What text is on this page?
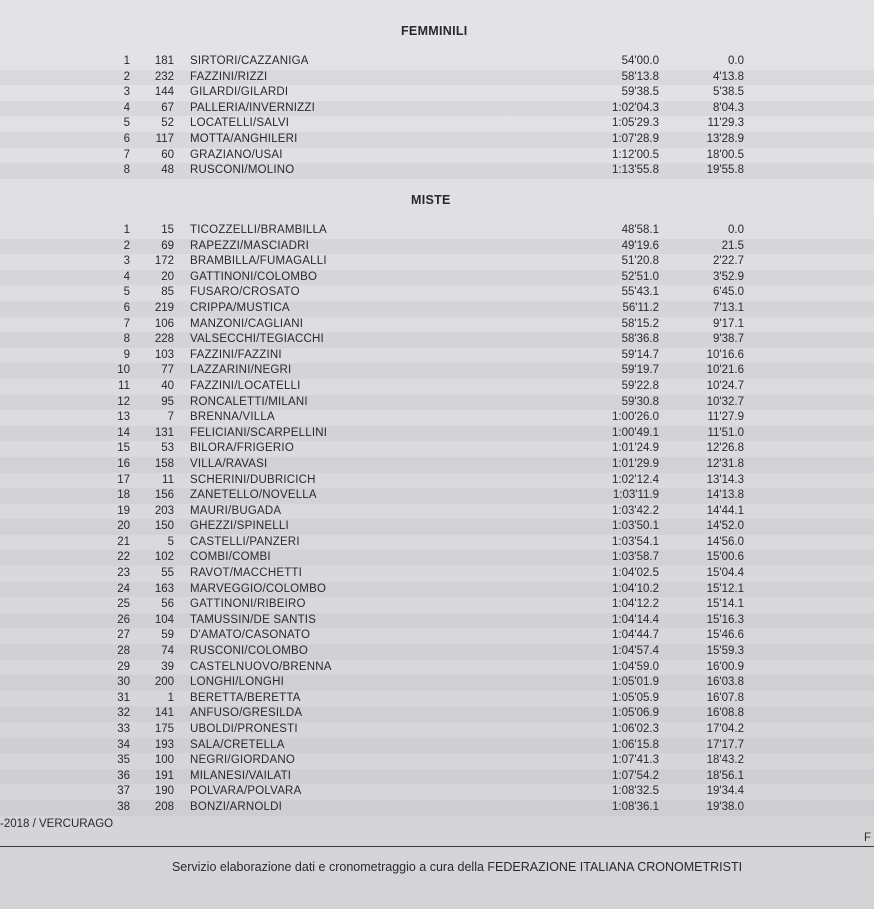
FEMMINILI
1 181 SIRTORI/CAZZANIGA	54'00.0	0.0
2 232 FAZZINI/RIZZI	58'13.8	4'13.8
3 144 GILARDI/GILARDI	59'38.5	5'38.5
4	67 PALLERIA/INVERNIZZI	1:02'04.3	8'04.3
5	52 LOCATELLI/SALVI	1:05'29.3	11'29.3
6 117 MOTTA/ANGHILERI	1:07'28.9	13'28.9
7	60 GRAZIANO/USAI	1:12'00.5	18'00.5
8	48 RUSCONI/MOLINO	1:13'55.8	19'55.8
MISTE
1	15 TICOZZELLI/BRAMBILLA	48'58.1	0.0
2	69 RAPEZZI/MASCIADRI	49'19.6	21.5
3 172 BRAMBILLA/FUMAGALLI	51'20.8	2'22.7
4	20 GATTINONI/COLOMBO	52'51.0	3'52.9
5	85 FUSARO/CROSATO	55'43.1	6'45.0
6 219 CRIPPA/MUSTICA	56'11.2	7'13.1
7 106 MANZONI/CAGLIANI	58'15.2	9'17.1
8 228 VALSECCHI/TEGIACCHI	58'36.8	9'38.7
9 103 FAZZINI/FAZZINI	59'14.7	10'16.6
10	77 LAZZARINI/NEGRI	59'19.7	10'21.6
11	40 FAZZINI/LOCATELLI	59'22.8	10'24.7
12	95 RONCALETTI/MILANI	59'30.8	10'32.7
13	7 BRENNA/VILLA	1:00'26.0	11'27.9
14 131 FELICIANI/SCARPELLINI	1:00'49.1	11'51.0
15	53 BILORA/FRIGERIO	1:01'24.9	12'26.8
16 158 VILLA/RAVASI	1:01'29.9	12'31.8
17	11 SCHERINI/DUBRICICH	1:02'12.4	13'14.3
18 156 ZANETELLO/NOVELLA	1:03'11.9	14'13.8
19 203 MAURI/BUGADA	1:03'42.2	14'44.1
20 150 GHEZZI/SPINELLI	1:03'50.1	14'52.0
21	5 CASTELLI/PANZERI	1:03'54.1	14'56.0
22 102 COMBI/COMBI	1:03'58.7	15'00.6
23	55 RAVOT/MACCHETTI	1:04'02.5	15'04.4
24 163 MARVEGGIO/COLOMBO	1:04'10.2	15'12.1
25	56 GATTINONI/RIBEIRO	1:04'12.2	15'14.1
26 104 TAMUSSIN/DE SANTIS	1:04'14.4	15'16.3
27	59 D'AMATO/CASONATO	1:04'44.7	15'46.6
28	74 RUSCONI/COLOMBO	1:04'57.4	15'59.3
29	39 CASTELNUOVO/BRENNA	1:04'59.0	16'00.9
30 200 LONGHI/LONGHI	1:05'01.9	16'03.8
31	1 BERETTA/BERETTA	1:05'05.9	16'07.8
32 141 ANFUSO/GRESILDA	1:05'06.9	16'08.8
33 175 UBOLDI/PRONESTI	1:06'02.3	17'04.2
34 193 SALA/CRETELLA	1:06'15.8	17'17.7
35 100 NEGRI/GIORDANO	1:07'41.3	18'43.2
36 191 MILANESI/VAILATI	1:07'54.2	18'56.1
37 190 POLVARA/POLVARA	1:08'32.5	19'34.4
38 208 BONZI/ARNOLDI	1:08'36.1	19'38.0
-2018 / VERCURAGO
F
Servizio elaborazione dati e cronometraggio a cura della FEDERAZIONE ITALIANA CRONOMETRISTI
